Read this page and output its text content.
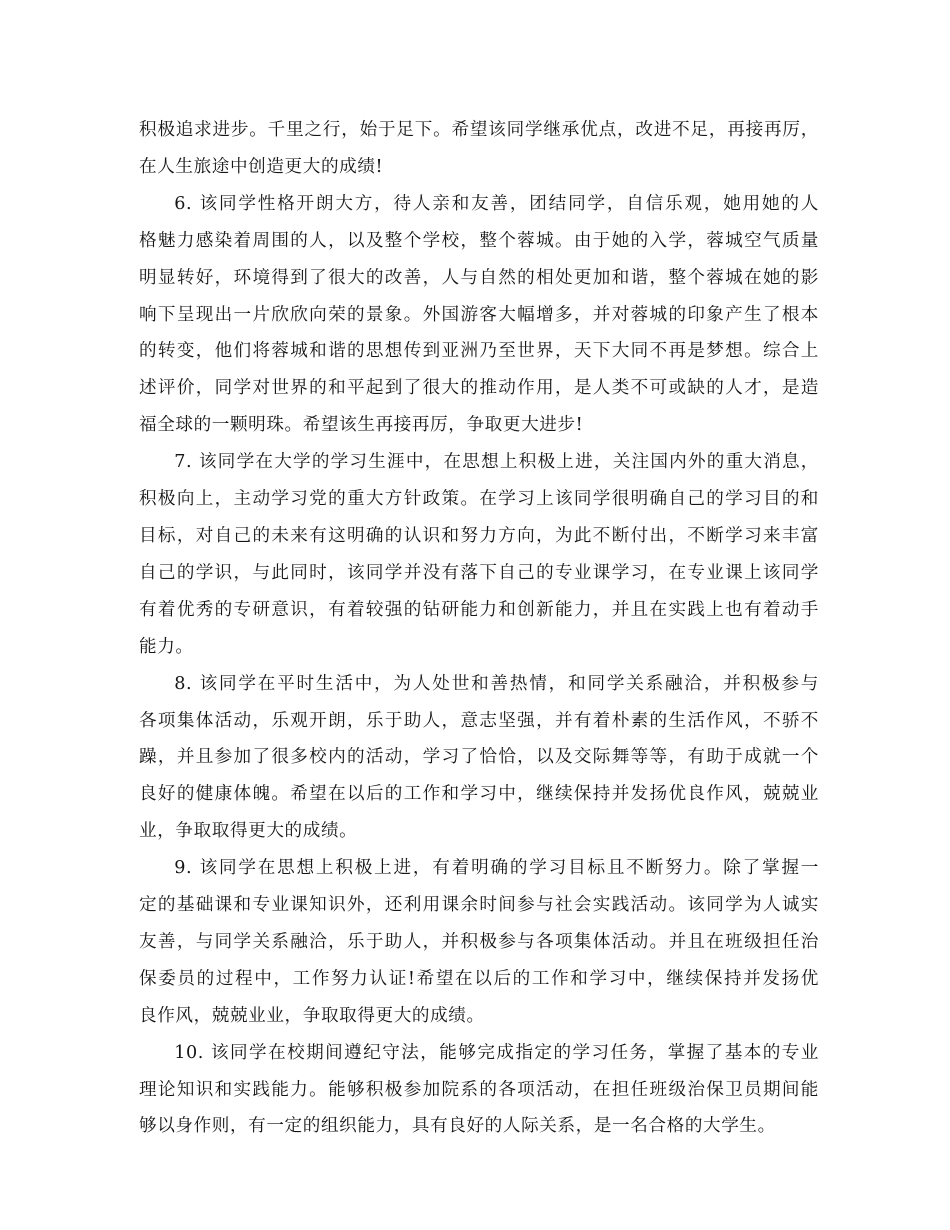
积极追求进步。千里之行，始于足下。希望该同学继承优点，改进不足，再接再厉，
在人生旅途中创造更大的成绩!
6. 该同学性格开朗大方，待人亲和友善，团结同学，自信乐观，她用她的人
格魅力感染着周围的人，以及整个学校，整个蓉城。由于她的入学，蓉城空气质量
明显转好，环境得到了很大的改善，人与自然的相处更加和谐，整个蓉城在她的影
响下呈现出一片欣欣向荣的景象。外国游客大幅增多，并对蓉城的印象产生了根本
的转变，他们将蓉城和谐的思想传到亚洲乃至世界，天下大同不再是梦想。综合上
述评价，同学对世界的和平起到了很大的推动作用，是人类不可或缺的人才，是造
福全球的一颗明珠。希望该生再接再厉，争取更大进步!
7. 该同学在大学的学习生涯中，在思想上积极上进，关注国内外的重大消息，
积极向上，主动学习党的重大方针政策。在学习上该同学很明确自己的学习目的和
目标，对自己的未来有这明确的认识和努力方向，为此不断付出，不断学习来丰富
自己的学识，与此同时，该同学并没有落下自己的专业课学习，在专业课上该同学
有着优秀的专研意识，有着较强的钻研能力和创新能力，并且在实践上也有着动手
能力。
8. 该同学在平时生活中，为人处世和善热情，和同学关系融洽，并积极参与
各项集体活动，乐观开朗，乐于助人，意志坚强，并有着朴素的生活作风，不骄不
躁，并且参加了很多校内的活动，学习了恰恰，以及交际舞等等，有助于成就一个
良好的健康体魄。希望在以后的工作和学习中，继续保持并发扬优良作风，兢兢业
业，争取取得更大的成绩。
9. 该同学在思想上积极上进，有着明确的学习目标且不断努力。除了掌握一
定的基础课和专业课知识外，还利用课余时间参与社会实践活动。该同学为人诚实
友善，与同学关系融洽，乐于助人，并积极参与各项集体活动。并且在班级担任治
保委员的过程中，工作努力认证!希望在以后的工作和学习中，继续保持并发扬优
良作风，兢兢业业，争取取得更大的成绩。
10. 该同学在校期间遵纪守法，能够完成指定的学习任务，掌握了基本的专业
理论知识和实践能力。能够积极参加院系的各项活动，在担任班级治保卫员期间能
够以身作则，有一定的组织能力，具有良好的人际关系，是一名合格的大学生。
